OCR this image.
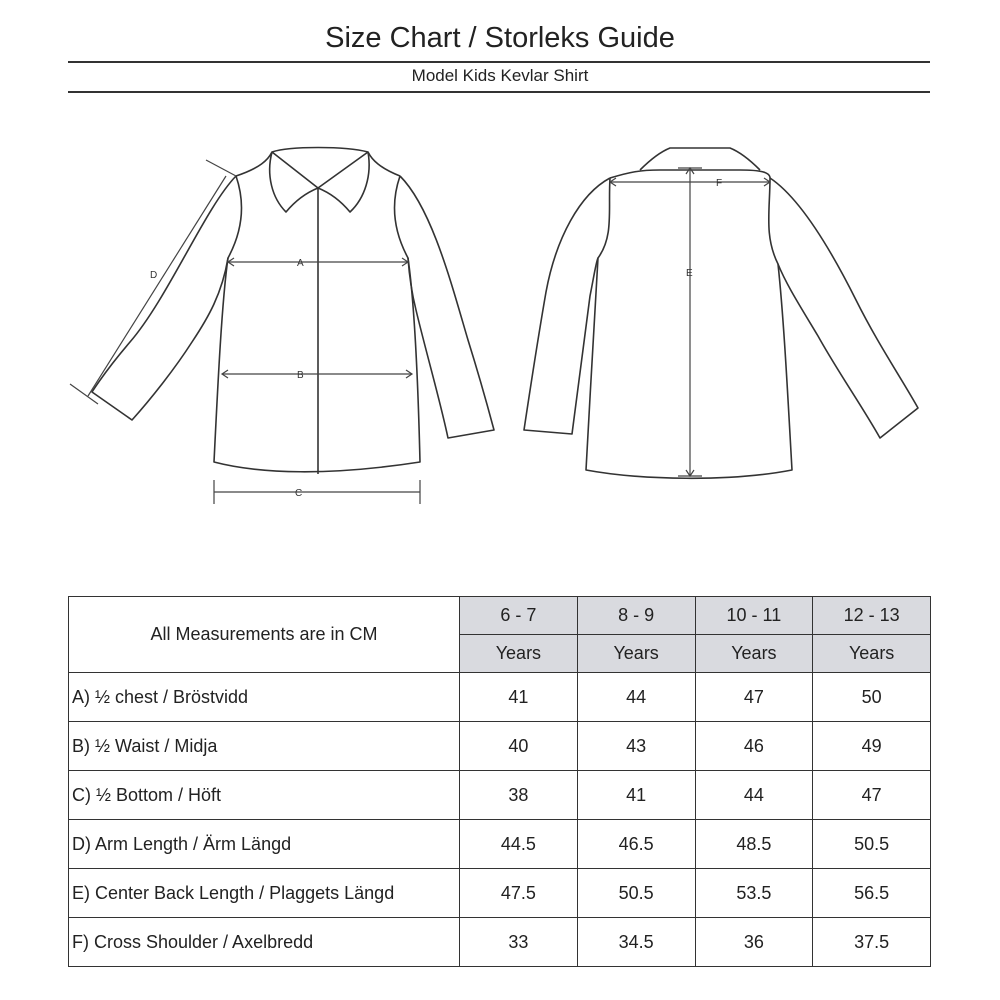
Size Chart / Storleks Guide
Model Kids Kevlar Shirt
A
B
C
D	E
F
All Measurements are in CM	6 - 7	8 - 9	10 - 11	12 - 13
	Years	Years	Years	Years
A) ½ chest / Bröstvidd	41	44	47	50
B) ½ Waist / Midja	40	43	46	49
C) ½ Bottom / Höft	38	41	44	47
D) Arm Length / Ärm Längd	44.5	46.5	48.5	50.5
E) Center Back Length / Plaggets Längd	47.5	50.5	53.5	56.5
F) Cross Shoulder / Axelbredd	33	34.5	36	37.5
